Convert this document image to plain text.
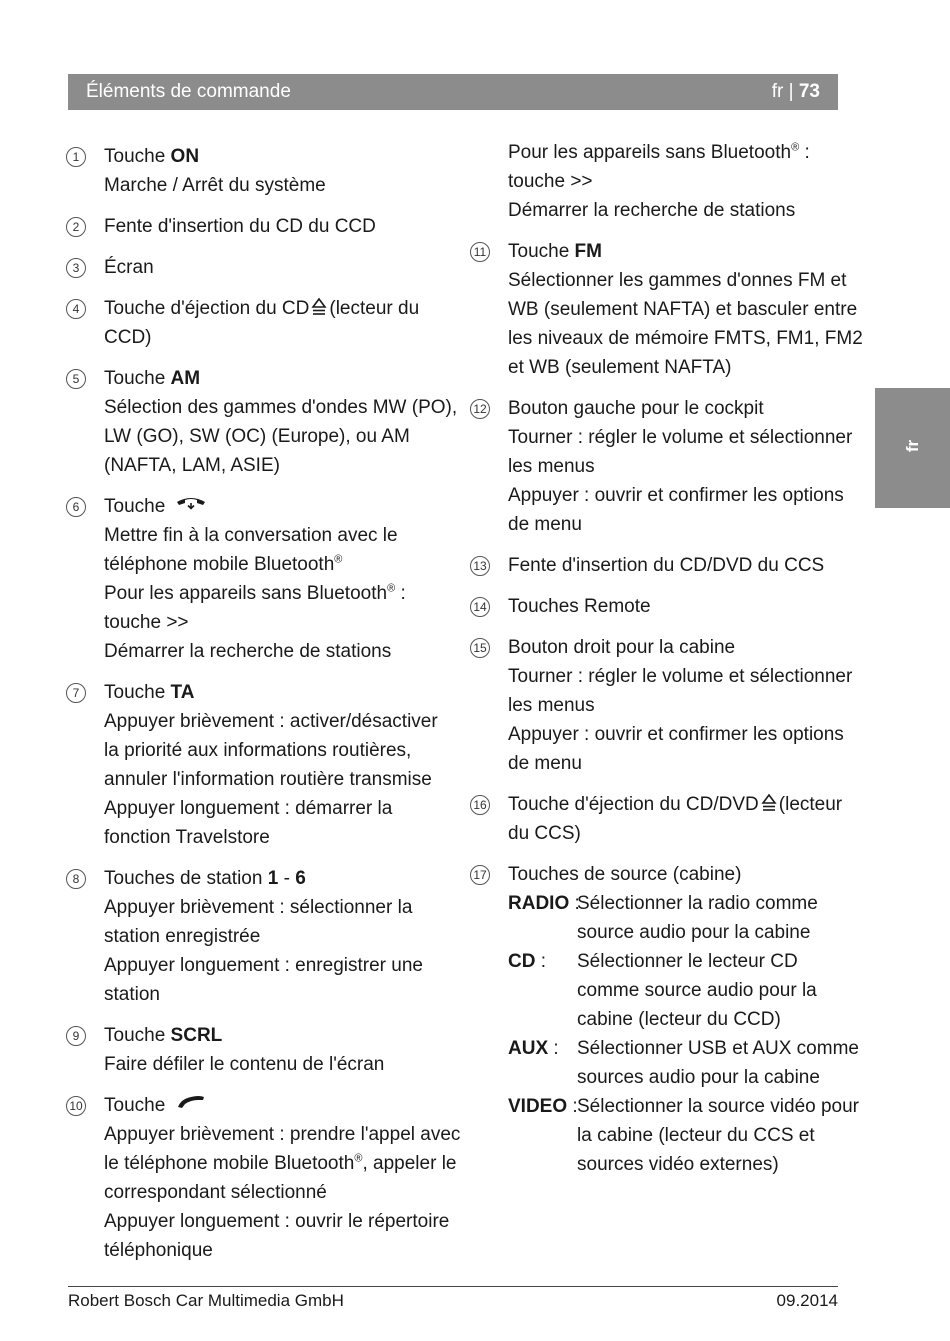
Éléments de commande	fr | 73
fr
1	Touche ON
Marche / Arrêt du système
2	Fente d'insertion du CD du CCD
3	Écran
4	Touche d'éjection du CD (lecteur du
CCD)
5	Touche AM
Sélection des gammes d'ondes MW (PO),
LW (GO), SW (OC) (Europe), ou AM
(NAFTA, LAM, ASIE)
6	Touche
Mettre fin à la conversation avec le
téléphone mobile Bluetooth®
Pour les appareils sans Bluetooth® :
touche >>
Démarrer la recherche de stations
7	Touche TA
Appuyer brièvement : activer/désactiver
la priorité aux informations routières,
annuler l'information routière transmise
Appuyer longuement : démarrer la
fonction Travelstore
8	Touches de station 1 - 6
Appuyer brièvement : sélectionner la
station enregistrée
Appuyer longuement : enregistrer une
station
9	Touche SCRL
Faire défiler le contenu de l'écran
10 Touche
Appuyer brièvement : prendre l'appel avec
le téléphone mobile Bluetooth®, appeler le
correspondant sélectionné
Appuyer longuement : ouvrir le répertoire
téléphonique
Pour les appareils sans Bluetooth® :
touche >>
Démarrer la recherche de stations
11 Touche FM
Sélectionner les gammes d'onnes FM et
WB (seulement NAFTA) et basculer entre
les niveaux de mémoire FMTS, FM1, FM2
et WB (seulement NAFTA)
12 Bouton gauche pour le cockpit
Tourner : régler le volume et sélectionner
les menus
Appuyer : ouvrir et confirmer les options
de menu
13 Fente d'insertion du CD/DVD du CCS
14 Touches Remote
15 Bouton droit pour la cabine
Tourner : régler le volume et sélectionner
les menus
Appuyer : ouvrir et confirmer les options
de menu
16 Touche d'éjection du CD/DVD (lecteur
du CCS)
17 Touches de source (cabine)
RADIO :
Sélectionner la radio comme
source audio pour la cabine
CD : Sélectionner le lecteur CD
comme source audio pour la
cabine (lecteur du CCD)
AUX : Sélectionner USB et AUX comme
sources audio pour la cabine
VIDEO : Sélectionner la source vidéo pour
la cabine (lecteur du CCS et
sources vidéo externes)
Robert Bosch Car Multimedia GmbH	09.2014
